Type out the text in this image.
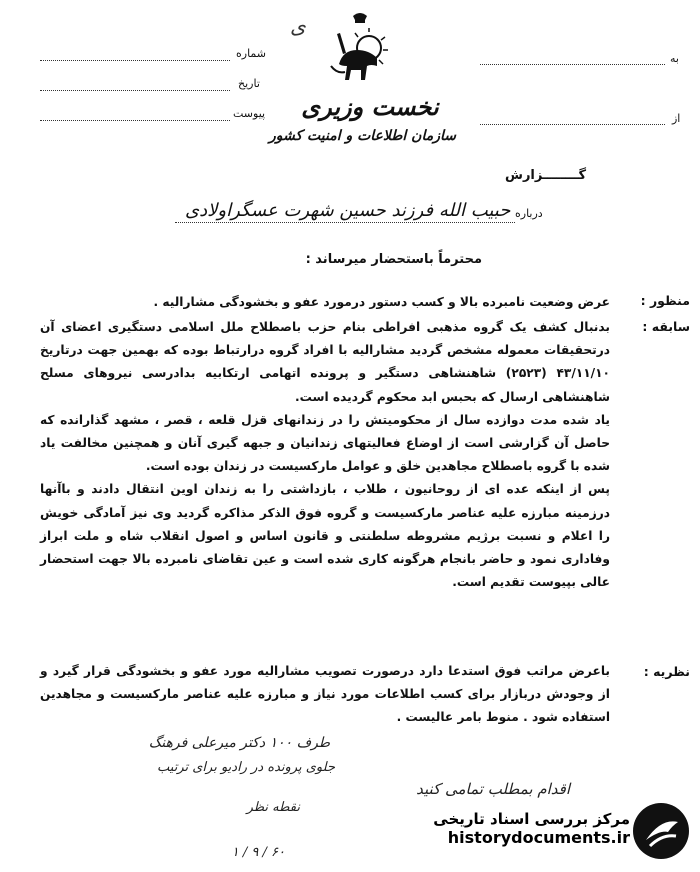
شماره
تاریخ
پیوست
به
از
ی
نخست وزیری
سازمان اطلاعات و امنیت کشور
گــــــــزارش
درباره
حبیب الله فرزند حسین شهرت عسگراولادی
محترماً باستحضار میرساند :
منظور :
سابقه :
نظریه :

عرض وضعیت نامبرده بالا و کسب دستور درمورد عفو و بخشودگی مشارالیه .

بدنبال کشف یک گروه مذهبی افراطی بنام حزب باصطلاح ملل اسلامی دستگیری اعضای آن درتحقیقات معموله مشخص گردید مشارالیه با افراد گروه درارتباط بوده که بهمین جهت درتاریخ ۴۳/۱۱/۱۰ (۲۵۲۳) شاهنشاهی دستگیر و پرونده اتهامی ارتکابیه بدادرسی نیروهای مسلح شاهنشاهی ارسال که بحبس ابد محکوم گردیده است.

یاد شده مدت دوازده سال از محکومیتش را در زندانهای قزل قلعه ، قصر ، مشهد گذارانده که حاصل آن گزارشی است از اوضاع فعالیتهای زندانیان و جبهه گیری آنان و همچنین مخالفت یاد شده با گروه باصطلاح مجاهدین خلق و عوامل مارکسیست در زندان بوده است.

پس از اینکه عده ای از روحانیون ، طلاب ، بازداشتی را به زندان اوین انتقال دادند و باآنها درزمینه مبارزه علیه عناصر مارکسیست و گروه فوق الذکر مذاکره گردید وی نیز آمادگی خویش را اعلام و نسبت برژیم مشروطه سلطنتی و قانون اساس و اصول انقلاب شاه و ملت ابراز وفاداری نمود و حاضر بانجام هرگونه کاری شده است و عین تقاضای نامبرده بالا جهت استحضار عالی بپیوست تقدیم است.

باعرض مراتب فوق استدعا دارد درصورت تصویب مشارالیه مورد عفو و بخشودگی قرار گیرد و از وجودش دربازار برای کسب اطلاعات مورد نیاز و مبارزه علیه عناصر مارکسیست و مجاهدین استفاده شود . منوط بامر عالیست .

طرف ۱۰۰ دکتر میرعلی فرهنگ
جلوی پرونده در رادیو برای ترتیب
نقطه نظر
۶۰ / ۹ / ۱
اقدام بمطلب تمامی کنید
مرکز بررسی اسناد تاریخی
historydocuments.ir
